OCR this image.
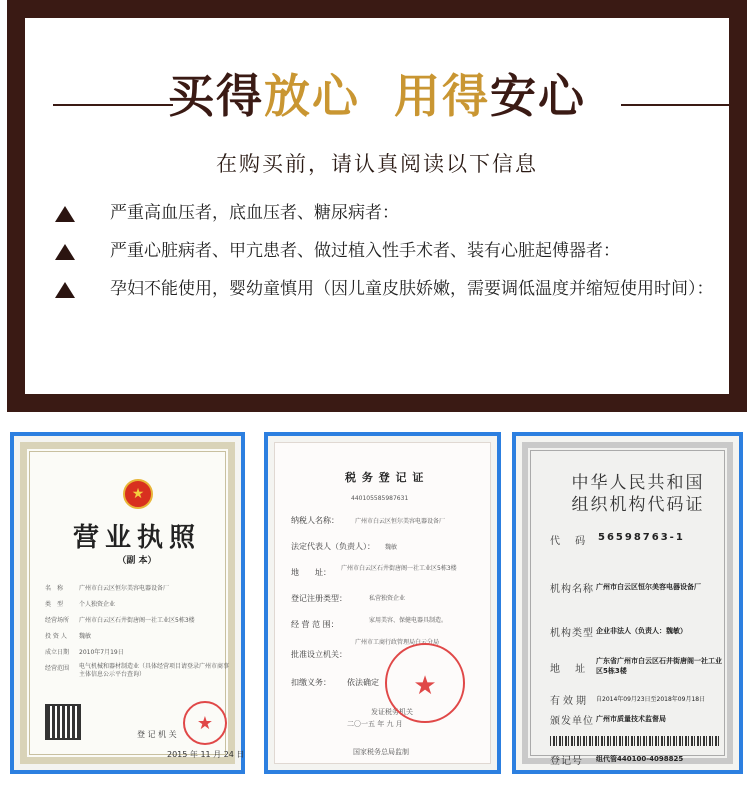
买得放心 用得安心
在购买前，请认真阅读以下信息
严重高血压者，底血压者、糖尿病者：
严重心脏病者、甲亢患者、做过植入性手术者、装有心脏起傅器者：
孕妇不能使用，婴幼童慎用（因儿童皮肤娇嫩，需要调低温度并缩短使用时间）：
★
营业执照
（副 本）
名　称	广州市白云区恒尔美容电器设备厂
类　型	个人独资企业
经营场所 广州市白云区石井街唐阁一社工业区5栋3楼
投 资 人 魏敏
成立日期 2010年7月19日
经营范围 电气机械和器材制造业（具体经营项目请登录广州市商事主体信息公示平台查询）
登 记 机 关
2015 年 11 月 24 日
★
税 务 登 记 证
440105585987631
纳税人名称：	广州市白云区恒尔美容电器设备厂
法定代表人（负责人）： 魏敏
地　　址： 广州市白云区石井街唐阁一社工业区5栋3楼
登记注册类型：	私营独资企业
经 营 范 围：	家用美容、保健电器具制造。
批准设立机关：
广州市工商行政管理局白云分局
扣缴义务： 依法确定
发证税务机关
二〇一五 年 九 月
国家税务总局监制
★
中华人民共和国
组织机构代码证
代 码 56598763-1
机构名称 广州市白云区恒尔美容电器设备厂
机构类型 企业非法人（负责人：魏敏）
地 址
广东省广州市白云区石井街唐阁一社工业区5栋3楼
有效期 自2014年09月23日至2018年09月18日
颁发单位 广州市质量技术监督局
登记号 组代管440100-4098825
